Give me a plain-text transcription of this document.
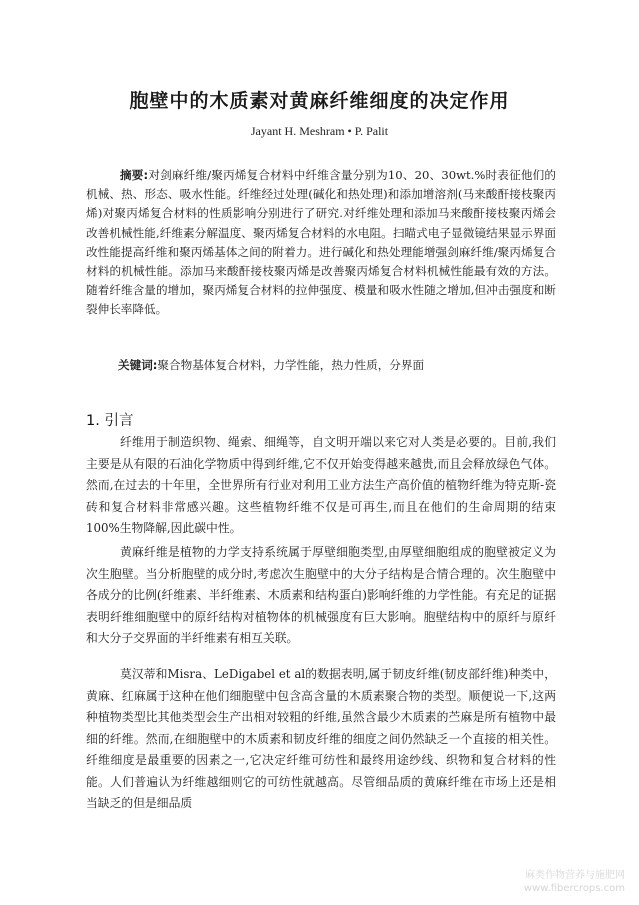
胞壁中的木质素对黄麻纤维细度的决定作用
Jayant H. Meshram • P. Palit
摘要:对剑麻纤维/聚丙烯复合材料中纤维含量分别为10、20、30wt.%时表征他们的机械、热、形态、吸水性能。纤维经过处理(碱化和热处理)和添加增溶剂(马来酸酐接枝聚丙烯)对聚丙烯复合材料的性质影响分别进行了研究.对纤维处理和添加马来酸酐接枝聚丙烯会改善机械性能,纤维素分解温度、聚丙烯复合材料的水电阻。扫瞄式电子显微镜结果显示界面改性能提高纤维和聚丙烯基体之间的附着力。进行碱化和热处理能增强剑麻纤维/聚丙烯复合材料的机械性能。添加马来酸酐接枝聚丙烯是改善聚丙烯复合材料机械性能最有效的方法。随着纤维含量的增加，聚丙烯复合材料的拉伸强度、模量和吸水性随之增加,但冲击强度和断裂伸长率降低。
关键词:聚合物基体复合材料，力学性能，热力性质，分界面
1. 引言

纤维用于制造织物、绳索、细绳等，自文明开端以来它对人类是必要的。目前,我们主要是从有限的石油化学物质中得到纤维,它不仅开始变得越来越贵,而且会释放绿色气体。然而,在过去的十年里，全世界所有行业对利用工业方法生产高价值的植物纤维为特克斯-瓷砖和复合材料非常感兴趣。这些植物纤维不仅是可再生,而且在他们的生命周期的结束100%生物降解,因此碳中性。

黄麻纤维是植物的力学支持系统属于厚壁细胞类型,由厚壁细胞组成的胞壁被定义为次生胞壁。当分析胞壁的成分时,考虑次生胞壁中的大分子结构是合情合理的。次生胞壁中各成分的比例(纤维素、半纤维素、木质素和结构蛋白)影响纤维的力学性能。有充足的证据表明纤维细胞壁中的原纤结构对植物体的机械强度有巨大影响。胞壁结构中的原纤与原纤和大分子交界面的半纤维素有相互关联。

莫汉蒂和Misra、LeDigabel et al的数据表明,属于韧皮纤维(韧皮部纤维)种类中，黄麻、红麻属于这种在他们细胞壁中包含高含量的木质素聚合物的类型。顺便说一下,这两种植物类型比其他类型会生产出相对较粗的纤维,虽然含最少木质素的苎麻是所有植物中最细的纤维。然而,在细胞壁中的木质素和韧皮纤维的细度之间仍然缺乏一个直接的相关性。纤维细度是最重要的因素之一,它决定纤维可纺性和最终用途纱线、织物和复合材料的性能。人们普遍认为纤维越细则它的可纺性就越高。尽管细品质的黄麻纤维在市场上还是相当缺乏的但是细品质

麻类作物营养与施肥网
www.fibercrops.com
